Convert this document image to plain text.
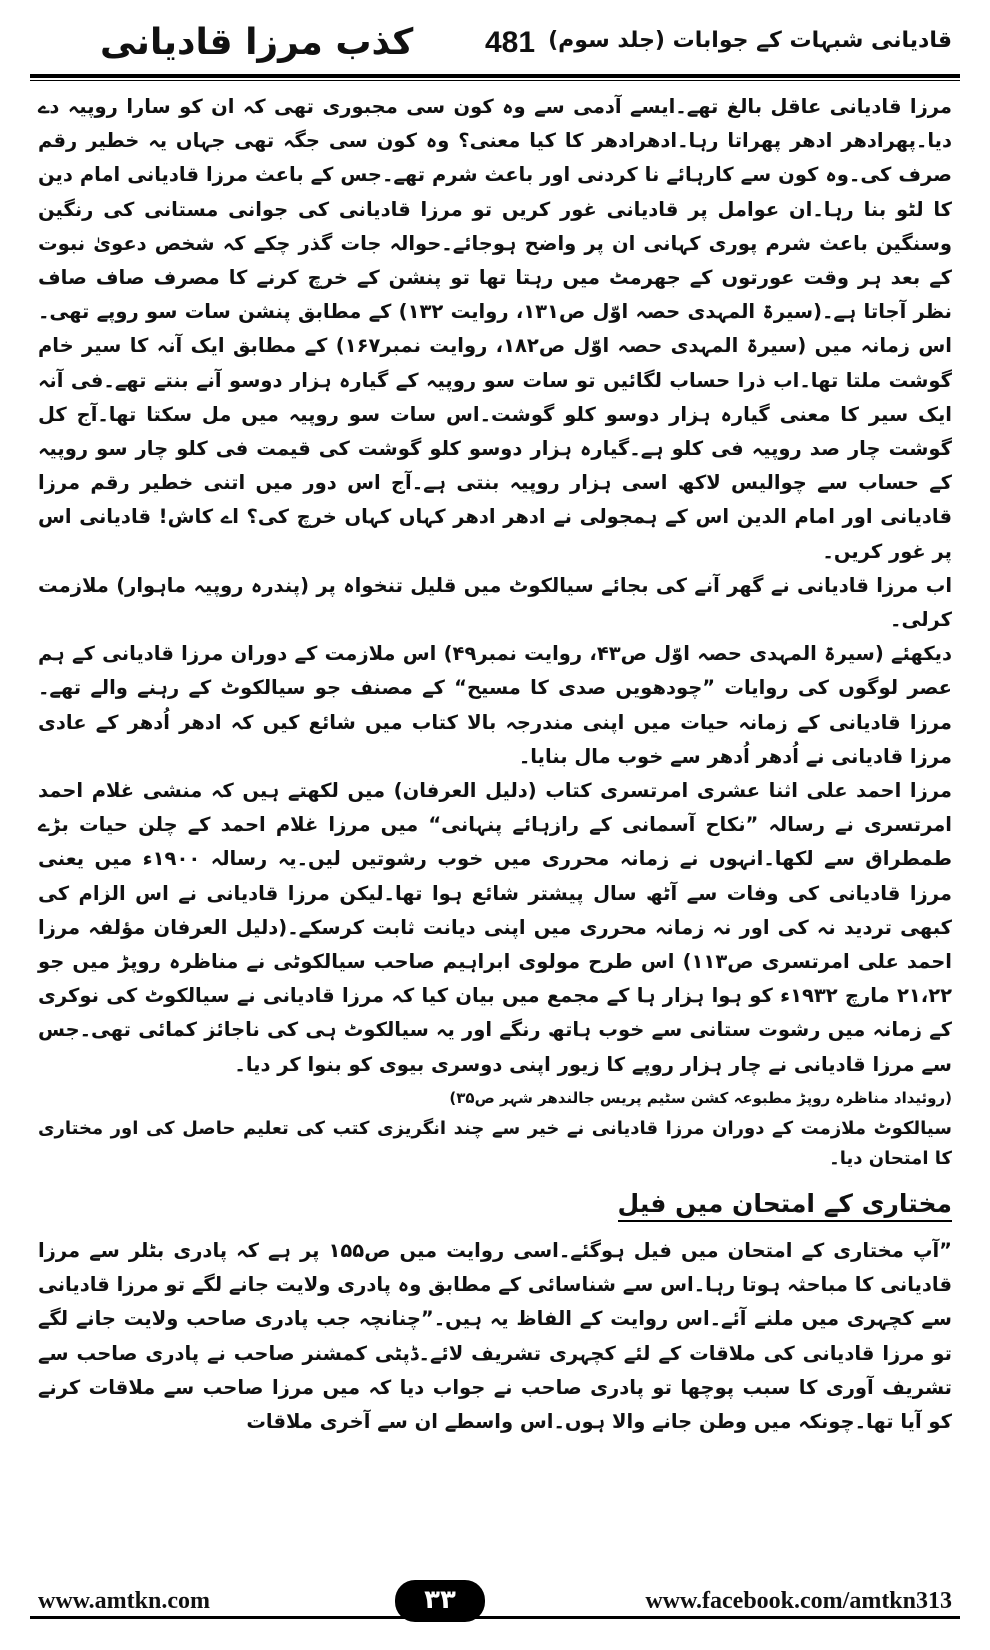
کذب مرزا قادیانی 481 قادیانی شبہات کے جوابات (جلد سوم)

مرزا قادیانی عاقل بالغ تھے۔ایسے آدمی سے وہ کون سی مجبوری تھی کہ ان کو سارا روپیہ دے دیا۔پھرادھر ادھر پھراتا رہا۔ادھرادھر کا کیا معنی؟ وہ کون سی جگہ تھی جہاں یہ خطیر رقم صرف کی۔وہ کون سے کارہائے نا کردنی اور باعث شرم تھے۔جس کے باعث مرزا قادیانی امام دین کا لٹو بنا رہا۔ان عوامل پر قادیانی غور کریں تو مرزا قادیانی کی جوانی مستانی کی رنگین وسنگین باعث شرم پوری کہانی ان پر واضح ہوجائے۔حوالہ جات گذر چکے کہ شخص دعویٰ نبوت کے بعد ہر وقت عورتوں کے جھرمٹ میں رہتا تھا تو پنشن کے خرچ کرنے کا مصرف صاف صاف نظر آجاتا ہے۔(سیرۃ المہدی حصہ اوّل ص۱۳۱، روایت ۱۳۲) کے مطابق پنشن سات سو روپے تھی۔اس زمانہ میں (سیرۃ المہدی حصہ اوّل ص۱۸۲، روایت نمبر۱۶۷) کے مطابق ایک آنہ کا سیر خام گوشت ملتا تھا۔اب ذرا حساب لگائیں تو سات سو روپیہ کے گیارہ ہزار دوسو آنے بنتے تھے۔فی آنہ ایک سیر کا معنی گیارہ ہزار دوسو کلو گوشت۔اس سات سو روپیہ میں مل سکتا تھا۔آج کل گوشت چار صد روپیہ فی کلو ہے۔گیارہ ہزار دوسو کلو گوشت کی قیمت فی کلو چار سو روپیہ کے حساب سے چوالیس لاکھ اسی ہزار روپیہ بنتی ہے۔آج اس دور میں اتنی خطیر رقم مرزا قادیانی اور امام الدین اس کے ہمجولی نے ادھر ادھر کہاں کہاں خرچ کی؟ اے کاش! قادیانی اس پر غور کریں۔

اب مرزا قادیانی نے گھر آنے کی بجائے سیالکوٹ میں قلیل تنخواہ پر (پندرہ روپیہ ماہوار) ملازمت کرلی۔

دیکھئے (سیرۃ المہدی حصہ اوّل ص۴۳، روایت نمبر۴۹) اس ملازمت کے دوران مرزا قادیانی کے ہم عصر لوگوں کی روایات ”چودھویں صدی کا مسیح“ کے مصنف جو سیالکوٹ کے رہنے والے تھے۔مرزا قادیانی کے زمانہ حیات میں اپنی مندرجہ بالا کتاب میں شائع کیں کہ ادھر اُدھر کے عادی مرزا قادیانی نے اُدھر اُدھر سے خوب مال بنایا۔

مرزا احمد علی اثنا عشری امرتسری کتاب (دلیل العرفان) میں لکھتے ہیں کہ منشی غلام احمد امرتسری نے رسالہ ”نکاح آسمانی کے رازہائے پنہانی“ میں مرزا غلام احمد کے چلن حیات بڑے طمطراق سے لکھا۔انہوں نے زمانہ محرری میں خوب رشوتیں لیں۔یہ رسالہ ۱۹۰۰ء میں یعنی مرزا قادیانی کی وفات سے آٹھ سال پیشتر شائع ہوا تھا۔لیکن مرزا قادیانی نے اس الزام کی کبھی تردید نہ کی اور نہ زمانہ محرری میں اپنی دیانت ثابت کرسکے۔(دلیل العرفان مؤلفہ مرزا احمد علی امرتسری ص۱۱۳) اس طرح مولوی ابراہیم صاحب سیالکوٹی نے مناظرہ روپڑ میں جو ۲۱،۲۲ مارچ ۱۹۳۲ء کو ہوا ہزار ہا کے مجمع میں بیان کیا کہ مرزا قادیانی نے سیالکوٹ کی نوکری کے زمانہ میں رشوت ستانی سے خوب ہاتھ رنگے اور یہ سیالکوٹ ہی کی ناجائز کمائی تھی۔جس سے مرزا قادیانی نے چار ہزار روپے کا زیور اپنی دوسری بیوی کو بنوا کر دیا۔

(روئیداد مناظرہ روپڑ مطبوعہ کشن سٹیم پریس جالندھر شہر ص۳۵)

سیالکوٹ ملازمت کے دوران مرزا قادیانی نے خیر سے چند انگریزی کتب کی تعلیم حاصل کی اور مختاری کا امتحان دیا۔

مختاری کے امتحان میں فیل

”آپ مختاری کے امتحان میں فیل ہوگئے۔اسی روایت میں ص۱۵۵ پر ہے کہ پادری بٹلر سے مرزا قادیانی کا مباحثہ ہوتا رہا۔اس سے شناسائی کے مطابق وہ پادری ولایت جانے لگے تو مرزا قادیانی سے کچہری میں ملنے آئے۔اس روایت کے الفاظ یہ ہیں۔”چنانچہ جب پادری صاحب ولایت جانے لگے تو مرزا قادیانی کی ملاقات کے لئے کچہری تشریف لائے۔ڈپٹی کمشنر صاحب نے پادری صاحب سے تشریف آوری کا سبب پوچھا تو پادری صاحب نے جواب دیا کہ میں مرزا صاحب سے ملاقات کرنے کو آیا تھا۔چونکہ میں وطن جانے والا ہوں۔اس واسطے ان سے آخری ملاقات

www.amtkn.com	۳۳	www.facebook.com/amtkn313
